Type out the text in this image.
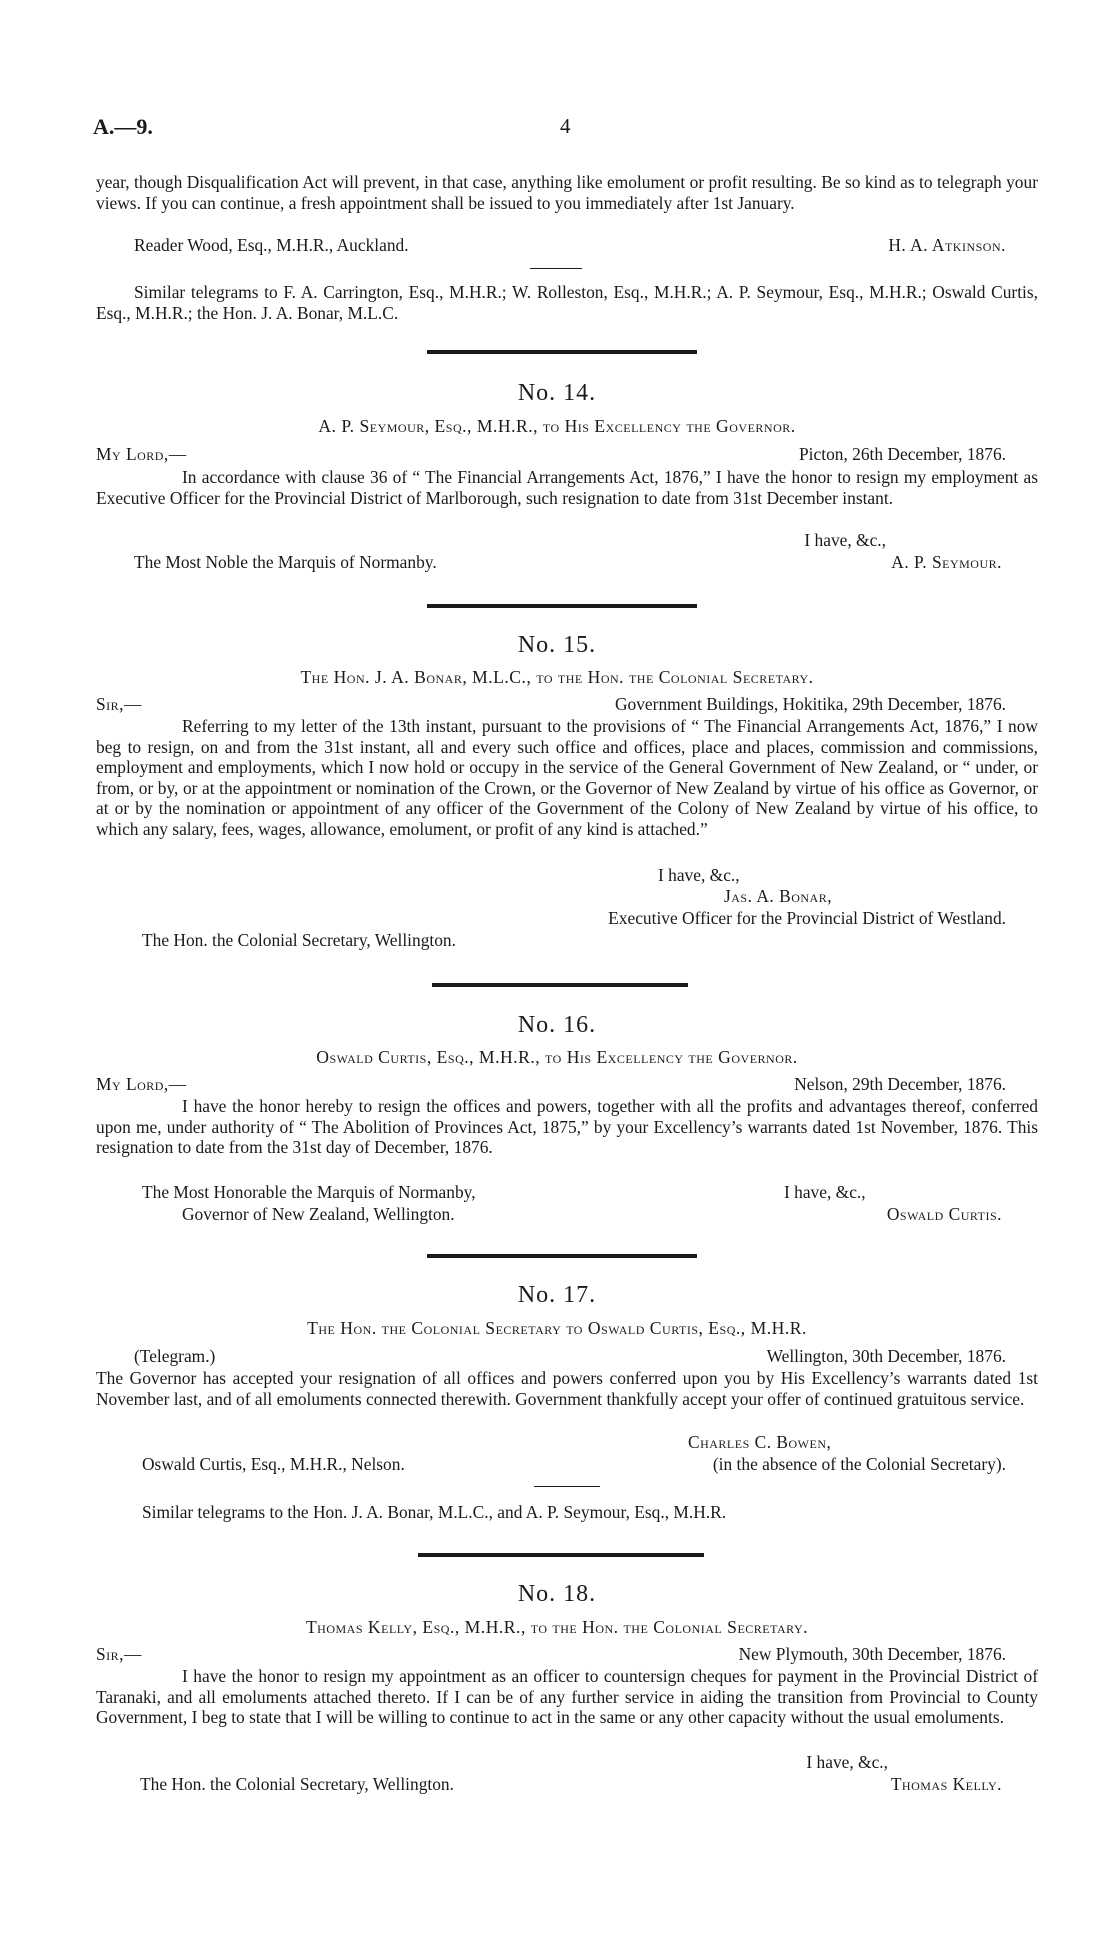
A.—9.	4
year, though Disqualification Act will prevent, in that case, anything like emolument or profit resulting. Be so kind as to telegraph your views. If you can continue, a fresh appointment shall be issued to you immediately after 1st January.
Reader Wood, Esq., M.H.R., Auckland.	H. A. Atkinson.
Similar telegrams to F. A. Carrington, Esq., M.H.R.; W. Rolleston, Esq., M.H.R.; A. P. Seymour, Esq., M.H.R.; Oswald Curtis, Esq., M.H.R.; the Hon. J. A. Bonar, M.L.C.
No. 14.
A. P. Seymour, Esq., M.H.R., to His Excellency the Governor.
My Lord,—	Picton, 26th December, 1876.
In accordance with clause 36 of “ The Financial Arrangements Act, 1876,” I have the honor to resign my employment as Executive Officer for the Provincial District of Marlborough, such resignation to date from 31st December instant.
I have, &c.,
The Most Noble the Marquis of Normanby.	A. P. Seymour.
No. 15.
The Hon. J. A. Bonar, M.L.C., to the Hon. the Colonial Secretary.
Sir,—	Government Buildings, Hokitika, 29th December, 1876.
Referring to my letter of the 13th instant, pursuant to the provisions of “ The Financial Arrangements Act, 1876,” I now beg to resign, on and from the 31st instant, all and every such office and offices, place and places, commission and commissions, employment and employments, which I now hold or occupy in the service of the General Government of New Zealand, or “ under, or from, or by, or at the appointment or nomination of the Crown, or the Governor of New Zealand by virtue of his office as Governor, or at or by the nomination or appointment of any officer of the Government of the Colony of New Zealand by virtue of his office, to which any salary, fees, wages, allowance, emolument, or profit of any kind is attached.”
I have, &c.,
Jas. A. Bonar,
Executive Officer for the Provincial District of Westland.
The Hon. the Colonial Secretary, Wellington.
No. 16.
Oswald Curtis, Esq., M.H.R., to His Excellency the Governor.
My Lord,—	Nelson, 29th December, 1876.
I have the honor hereby to resign the offices and powers, together with all the profits and advantages thereof, conferred upon me, under authority of “ The Abolition of Provinces Act, 1875,” by your Excellency’s warrants dated 1st November, 1876. This resignation to date from the 31st day of December, 1876.
The Most Honorable the Marquis of Normanby,
Governor of New Zealand, Wellington.
I have, &c.,
Oswald Curtis.
No. 17.
The Hon. the Colonial Secretary to Oswald Curtis, Esq., M.H.R.
(Telegram.)	Wellington, 30th December, 1876.
The Governor has accepted your resignation of all offices and powers conferred upon you by His Excellency’s warrants dated 1st November last, and of all emoluments connected therewith. Government thankfully accept your offer of continued gratuitous service.
Charles C. Bowen,
Oswald Curtis, Esq., M.H.R., Nelson.	(in the absence of the Colonial Secretary).
Similar telegrams to the Hon. J. A. Bonar, M.L.C., and A. P. Seymour, Esq., M.H.R.
No. 18.
Thomas Kelly, Esq., M.H.R., to the Hon. the Colonial Secretary.
Sir,—	New Plymouth, 30th December, 1876.
I have the honor to resign my appointment as an officer to countersign cheques for payment in the Provincial District of Taranaki, and all emoluments attached thereto. If I can be of any further service in aiding the transition from Provincial to County Government, I beg to state that I will be willing to continue to act in the same or any other capacity without the usual emoluments.
I have, &c.,
The Hon. the Colonial Secretary, Wellington.	Thomas Kelly.
